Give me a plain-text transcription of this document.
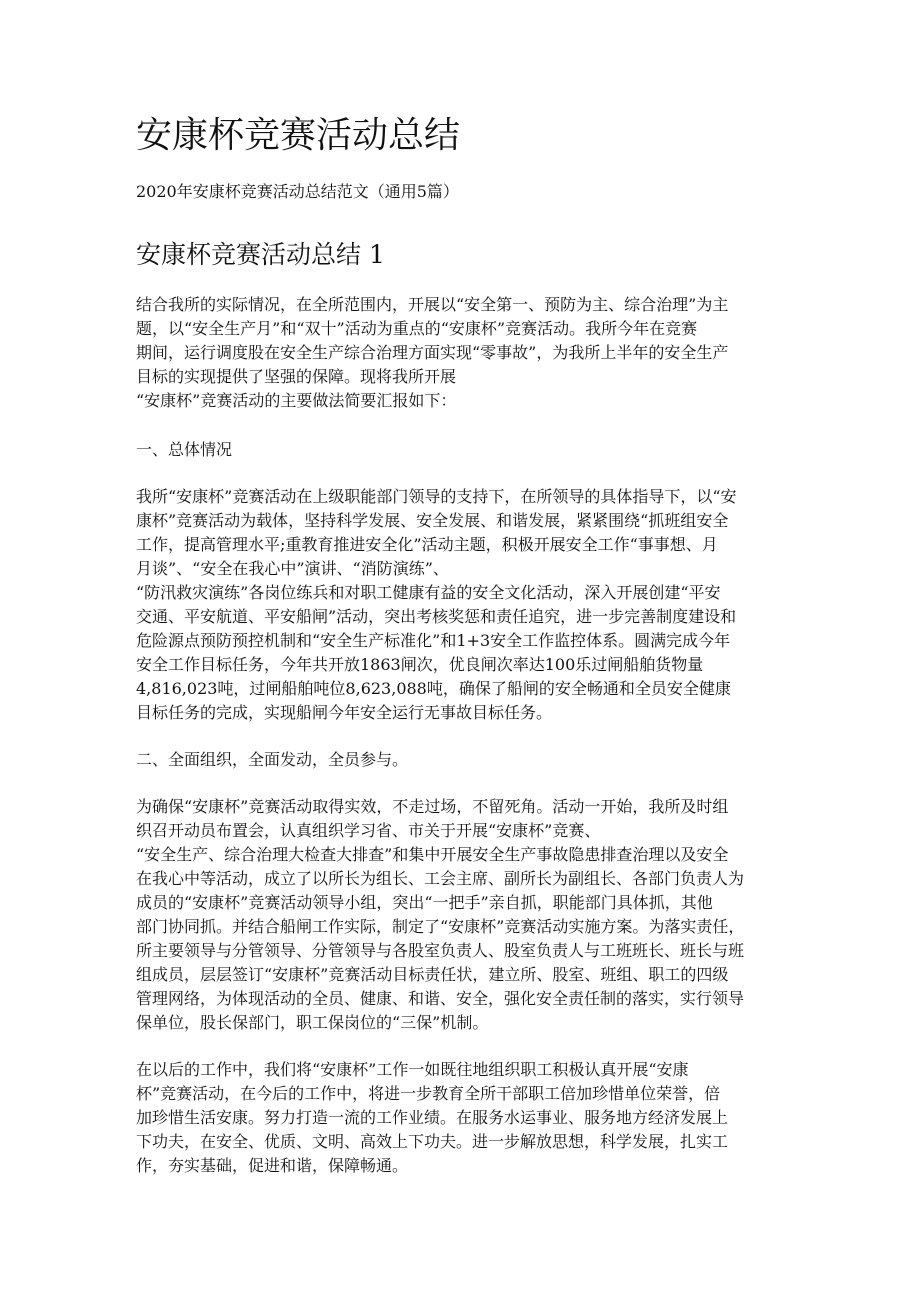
安康杯竞赛活动总结
2020年安康杯竞赛活动总结范文（通用5篇）
安康杯竞赛活动总结 1
结合我所的实际情况，在全所范围内，开展以“安全第一、预防为主、综合治理”为主
题，以“安全生产月”和“双十”活动为重点的“安康杯”竞赛活动。我所今年在竞赛
期间，运行调度股在安全生产综合治理方面实现“零事故”，为我所上半年的安全生产
目标的实现提供了坚强的保障。现将我所开展
“安康杯”竞赛活动的主要做法简要汇报如下：
一、总体情况
我所“安康杯”竞赛活动在上级职能部门领导的支持下，在所领导的具体指导下，以“安
康杯”竞赛活动为载体，坚持科学发展、安全发展、和谐发展，紧紧围绕“抓班组安全
工作，提高管理水平;重教育推进安全化”活动主题，积极开展安全工作“事事想、月
月谈”、“安全在我心中”演讲、“消防演练”、
“防汛救灾演练”各岗位练兵和对职工健康有益的安全文化活动，深入开展创建“平安
交通、平安航道、平安船闸”活动，突出考核奖惩和责任追究，进一步完善制度建设和
危险源点预防预控机制和“安全生产标准化”和1+3安全工作监控体系。圆满完成今年
安全工作目标任务，今年共开放1863闸次，优良闸次率达100乐过闸船舶货物量
4,816,023吨，过闸船舶吨位8,623,088吨，确保了船闸的安全畅通和全员安全健康
目标任务的完成，实现船闸今年安全运行无事故目标任务。
二、全面组织，全面发动，全员参与。
为确保“安康杯”竞赛活动取得实效，不走过场，不留死角。活动一开始，我所及时组
织召开动员布置会，认真组织学习省、市关于开展“安康杯”竞赛、
“安全生产、综合治理大检查大排查”和集中开展安全生产事故隐患排查治理以及安全
在我心中等活动，成立了以所长为组长、工会主席、副所长为副组长、各部门负责人为
成员的“安康杯”竞赛活动领导小组，突出“一把手”亲自抓，职能部门具体抓，其他
部门协同抓。并结合船闸工作实际，制定了“安康杯”竞赛活动实施方案。为落实责任，
所主要领导与分管领导、分管领导与各股室负责人、股室负责人与工班班长、班长与班
组成员，层层签订“安康杯”竞赛活动目标责任状，建立所、股室、班组、职工的四级
管理网络，为体现活动的全员、健康、和谐、安全，强化安全责任制的落实，实行领导
保单位，股长保部门，职工保岗位的“三保”机制。
在以后的工作中，我们将“安康杯”工作一如既往地组织职工积极认真开展“安康
杯”竞赛活动，在今后的工作中，将进一步教育全所干部职工倍加珍惜单位荣誉，倍
加珍惜生活安康。努力打造一流的工作业绩。在服务水运事业、服务地方经济发展上
下功夫，在安全、优质、文明、高效上下功夫。进一步解放思想，科学发展，扎实工
作，夯实基础，促进和谐，保障畅通。
